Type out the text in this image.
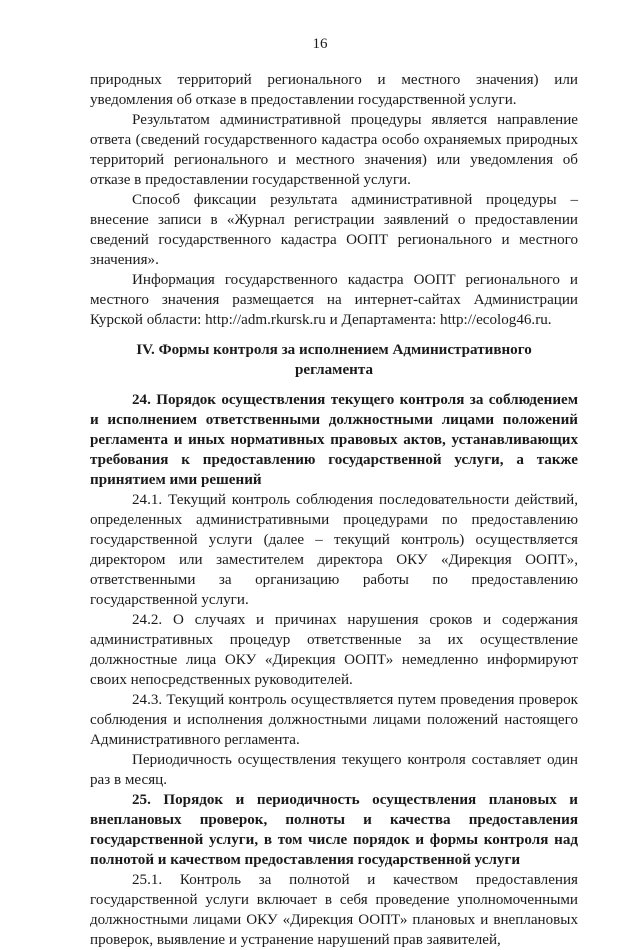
16

природных территорий регионального и местного значения) или уведомления об отказе в предоставлении государственной услуги.

Результатом административной процедуры является направление ответа (сведений государственного кадастра особо охраняемых природных территорий регионального и местного значения) или уведомления об отказе в предоставлении государственной услуги.

Способ фиксации результата административной процедуры – внесение записи в «Журнал регистрации заявлений о предоставлении сведений государственного кадастра ООПТ регионального и местного значения».

Информация государственного кадастра ООПТ регионального и местного значения размещается на интернет-сайтах Администрации Курской области: http://adm.rkursk.ru и Департамента: http://ecolog46.ru.

IV. Формы контроля за исполнением Административного регламента

24. Порядок осуществления текущего контроля за соблюдением и исполнением ответственными должностными лицами положений регламента и иных нормативных правовых актов, устанавливающих требования к предоставлению государственной услуги, а также принятием ими решений

24.1. Текущий контроль соблюдения последовательности действий, определенных административными процедурами по предоставлению государственной услуги (далее – текущий контроль) осуществляется директором или заместителем директора ОКУ «Дирекция ООПТ», ответственными за организацию работы по предоставлению государственной услуги.

24.2. О случаях и причинах нарушения сроков и содержания административных процедур ответственные за их осуществление должностные лица ОКУ «Дирекция ООПТ» немедленно информируют своих непосредственных руководителей.

24.3. Текущий контроль осуществляется путем проведения проверок соблюдения и исполнения должностными лицами положений настоящего Административного регламента.

Периодичность осуществления текущего контроля составляет один раз в месяц.

25. Порядок и периодичность осуществления плановых и внеплановых проверок, полноты и качества предоставления государственной услуги, в том числе порядок и формы контроля над полнотой и качеством предоставления государственной услуги

25.1. Контроль за полнотой и качеством предоставления государственной услуги включает в себя проведение уполномоченными должностными лицами ОКУ «Дирекция ООПТ» плановых и внеплановых проверок, выявление и устранение нарушений прав заявителей,
